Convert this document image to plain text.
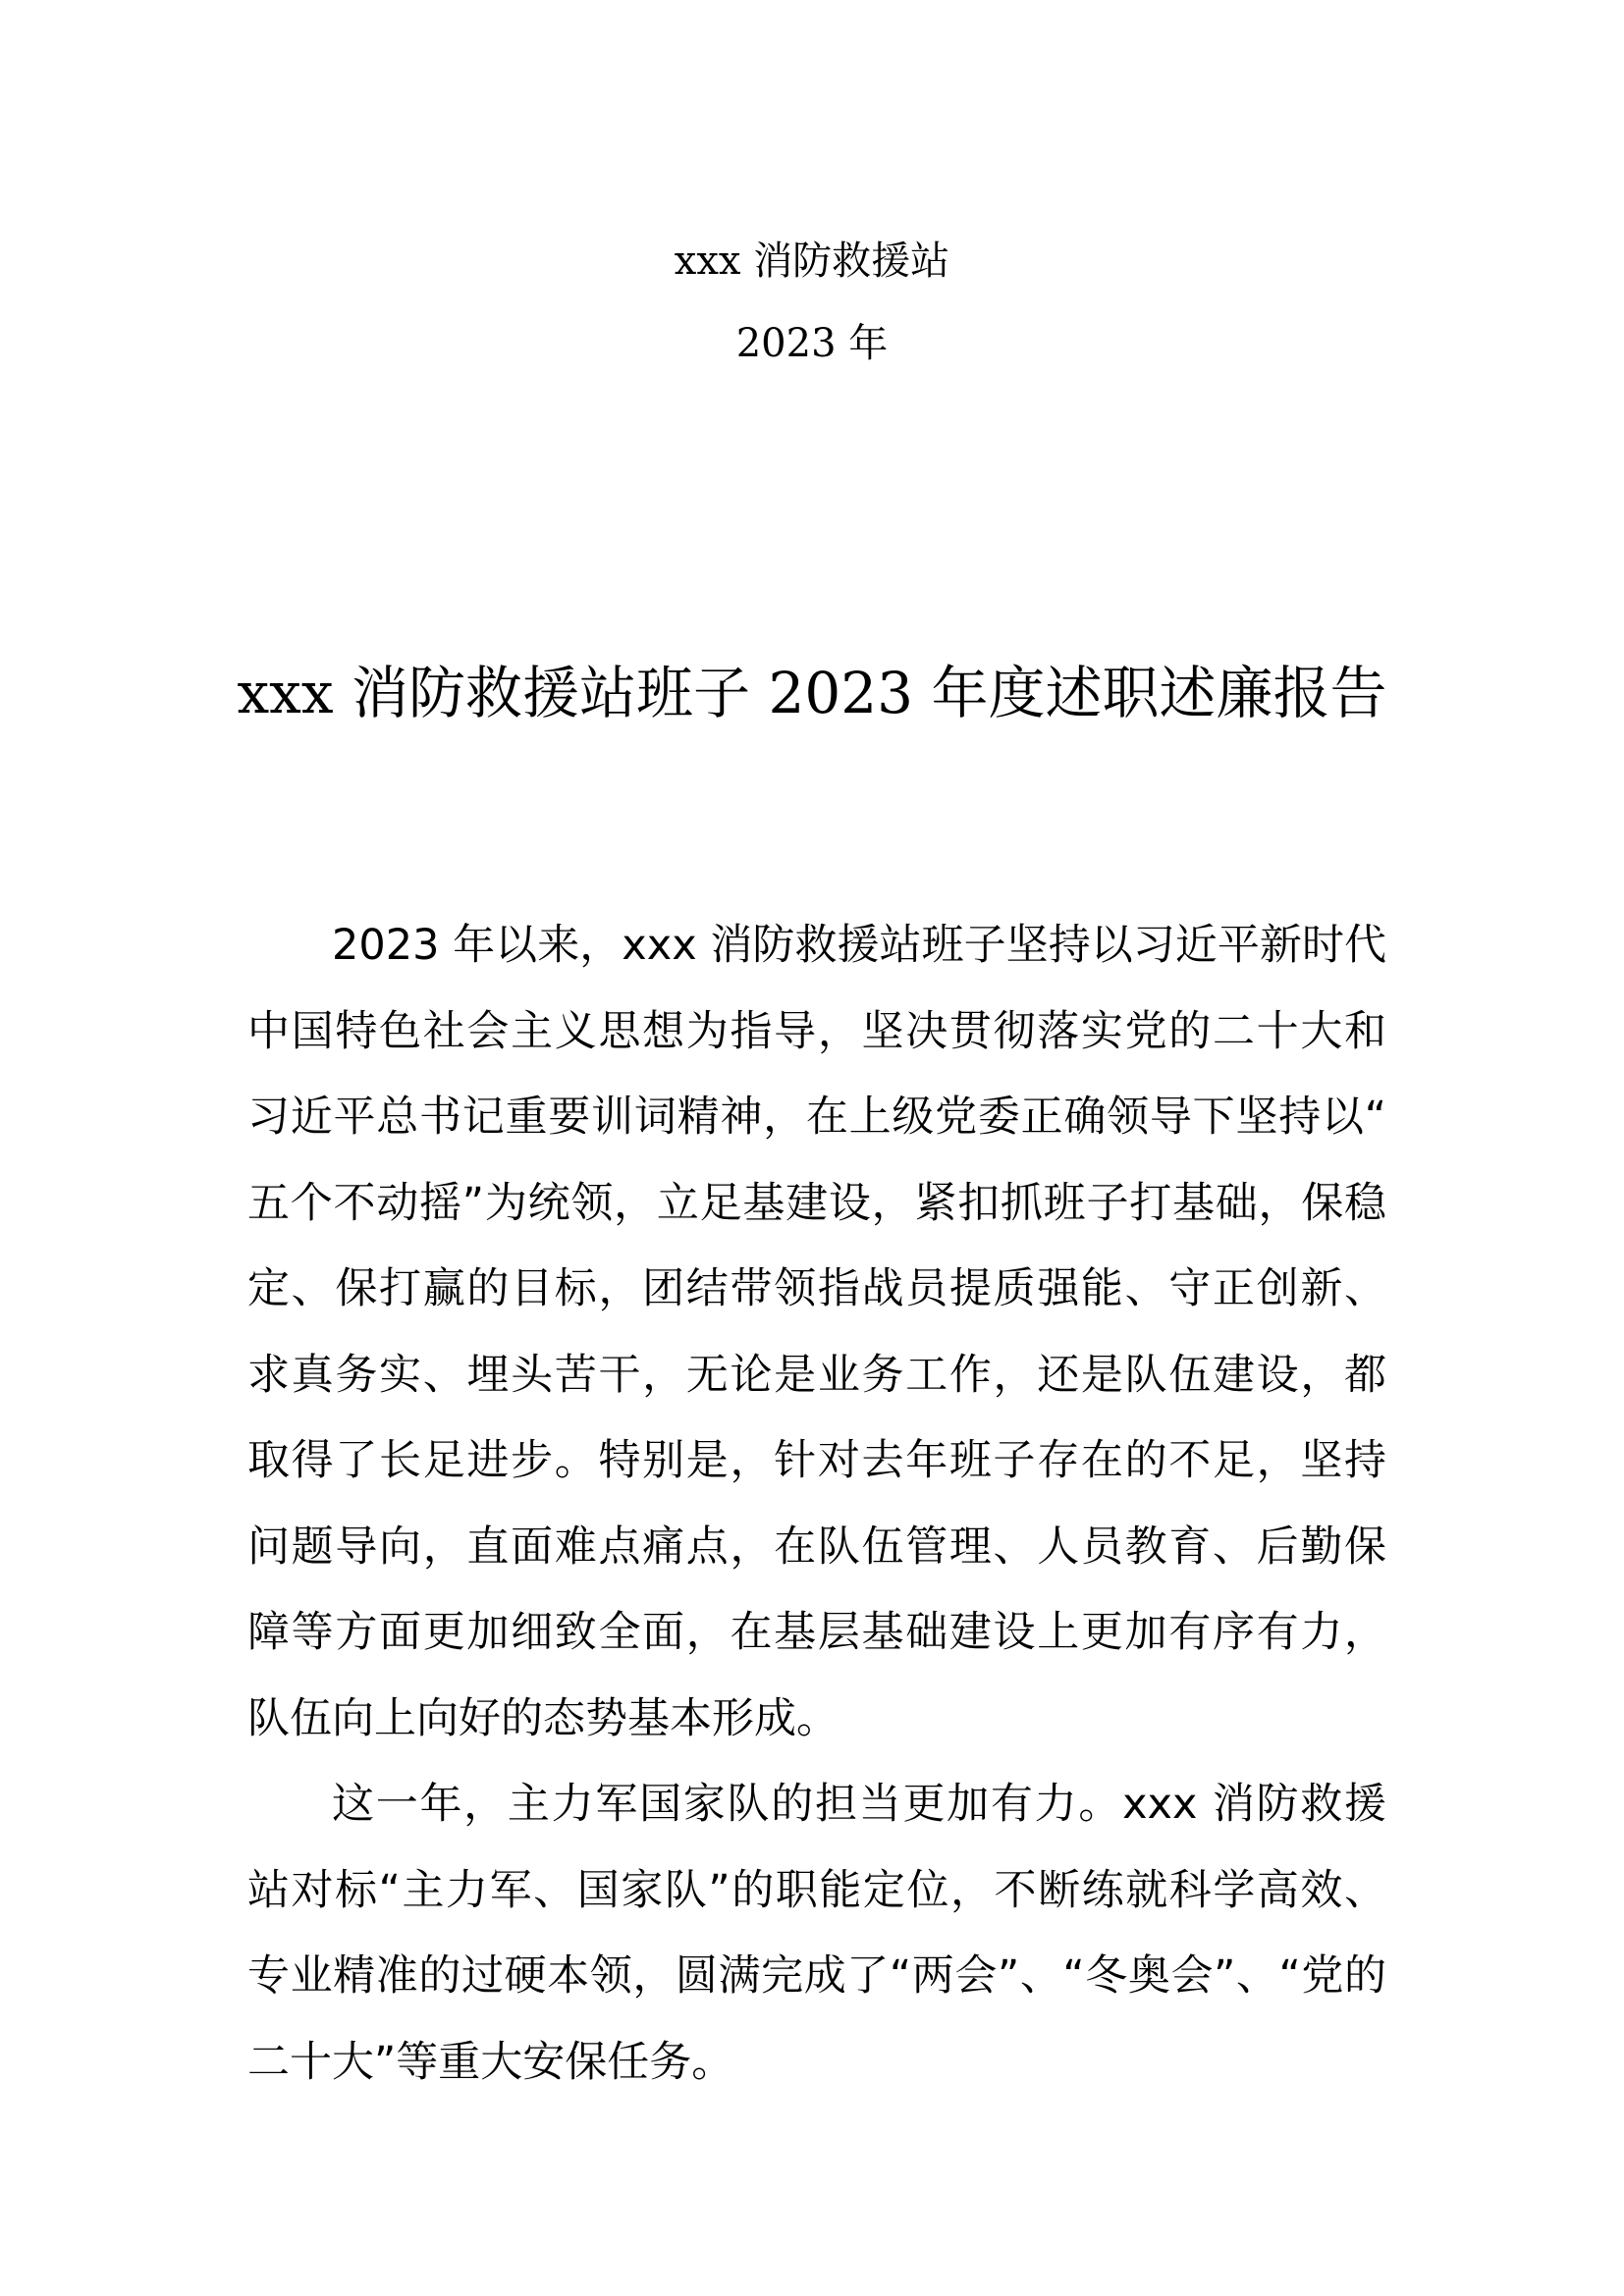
xxx 消防救援站
2023 年
xxx 消防救援站班子 2023 年度述职述廉报告

2023 年以来，xxx 消防救援站班子坚持以习近平新时代中国特色社会主义思想为指导，坚决贯彻落实党的二十大和习近平总书记重要训词精神，在上级党委正确领导下坚持以“五个不动摇”为统领，立足基建设，紧扣抓班子打基础，保稳定、保打赢的目标，团结带领指战员提质强能、守正创新、求真务实、埋头苦干，无论是业务工作，还是队伍建设，都取得了长足进步。特别是，针对去年班子存在的不足，坚持问题导向，直面难点痛点，在队伍管理、人员教育、后勤保障等方面更加细致全面，在基层基础建设上更加有序有力，队伍向上向好的态势基本形成。

这一年，主力军国家队的担当更加有力。xxx 消防救援站对标“主力军、国家队”的职能定位，不断练就科学高效、专业精准的过硬本领，圆满完成了“两会”、“冬奥会”、“党的二十大”等重大安保任务。
